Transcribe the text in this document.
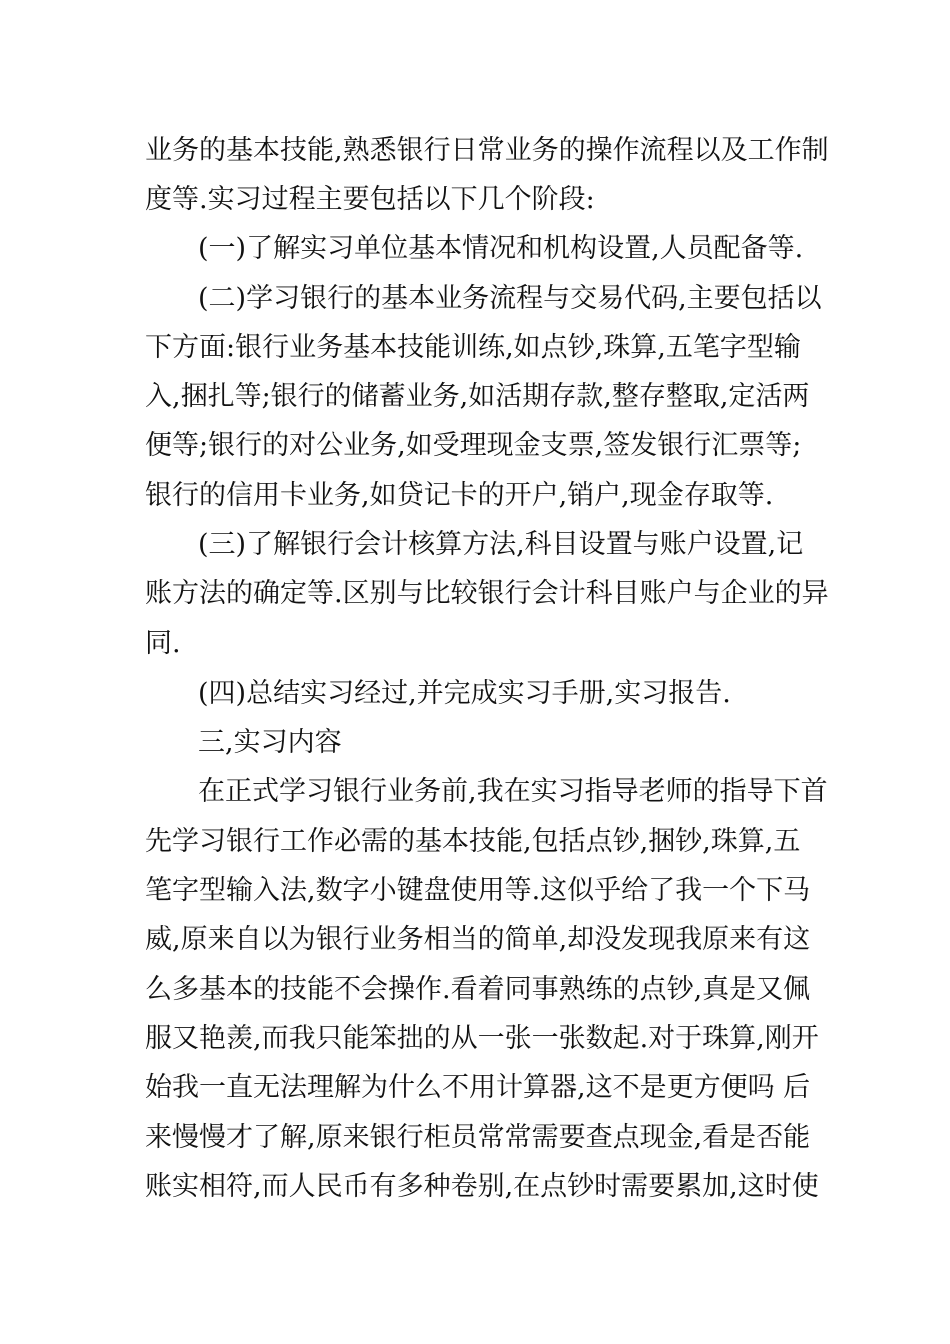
业务的基本技能,熟悉银行日常业务的操作流程以及工作制
度等.实习过程主要包括以下几个阶段:
(一)了解实习单位基本情况和机构设置,人员配备等.
(二)学习银行的基本业务流程与交易代码,主要包括以
下方面:银行业务基本技能训练,如点钞,珠算,五笔字型输
入,捆扎等;银行的储蓄业务,如活期存款,整存整取,定活两
便等;银行的对公业务,如受理现金支票,签发银行汇票等;
银行的信用卡业务,如贷记卡的开户,销户,现金存取等.
(三)了解银行会计核算方法,科目设置与账户设置,记
账方法的确定等.区别与比较银行会计科目账户与企业的异
同.
(四)总结实习经过,并完成实习手册,实习报告.
三,实习内容
在正式学习银行业务前,我在实习指导老师的指导下首
先学习银行工作必需的基本技能,包括点钞,捆钞,珠算,五
笔字型输入法,数字小键盘使用等.这似乎给了我一个下马
威,原来自以为银行业务相当的简单,却没发现我原来有这
么多基本的技能不会操作.看着同事熟练的点钞,真是又佩
服又艳羡,而我只能笨拙的从一张一张数起.对于珠算,刚开
始我一直无法理解为什么不用计算器,这不是更方便吗 后
来慢慢才了解,原来银行柜员常常需要查点现金,看是否能
账实相符,而人民币有多种卷别,在点钞时需要累加,这时使
